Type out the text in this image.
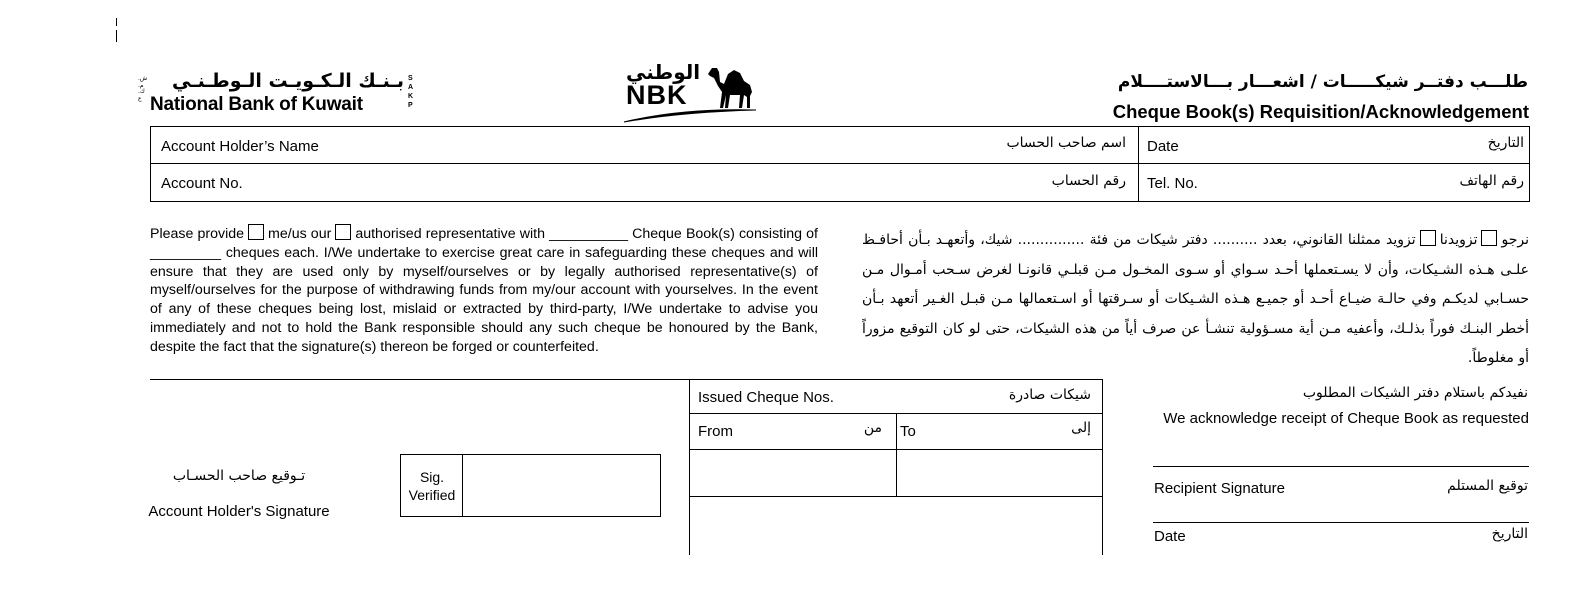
بـنـك الـكـويـت الـوطـنـي
ش.م.ك.ع National Bank of Kuwait
SAKP
الوطني
NBK	طلـــب دفتــر شيكـــــات / اشعـــار بـــالاستــــلام
Cheque Book(s) Requisition/Acknowledgement
Account Holder’s Name	اسم صاحب الحساب Date	التاريخ
Account No.	رقم الحساب Tel. No.	رقم الهاتف
Please provide me/us our authorised representative with __________ Cheque Book(s) consisting of _________ cheques each. I/We undertake to exercise great care in safeguarding these cheques and will ensure that they are used only by myself/ourselves or by legally authorised representative(s) of myself/ourselves for the purpose of withdrawing funds from my/our account with yourselves. In the event of any of these cheques being lost, mislaid or extracted by third-party, I/We undertake to advise you immediately and not to hold the Bank responsible should any such cheque be honoured by the Bank, despite the fact that the signature(s) thereon be forged or counterfeited.
نرجوتزويدناتزويد ممثلنا القانوني، بعدد .......... دفتر شيكات من فئة ............... شيك، وأتعهـد بـأن أحافـظ علـى هـذه الشـيكات، وأن لا يسـتعملها أحـد سـواي أو سـوى المخـول مـن قبلـي قانونـا لغرض سـحب أمـوال مـن حسـابي لديكـم وفي حالـة ضيـاع أحـد أو جميـع هـذه الشـيكات أو سـرقتها أو اسـتعمالها مـن قبـل الغـير أتعهد بـأن أخطر البنـك فوراً بذلـك، وأعفيه مـن أية مسـؤولية تنشـأ عن صرف أياً من هذه الشيكات، حتى لو كان التوقيع مزوراً أو مغلوطاً.
تـوقيع صاحب الحسـاب
Account Holder's Signature
Sig. Verified
Issued Cheque Nos.	شيكات صادرة
From	من To	إلى
نفيدكم باستلام دفتر الشيكات المطلوب
We acknowledge receipt of Cheque Book as requested
Recipient Signature	توقيع المستلم
Date	التاريخ
